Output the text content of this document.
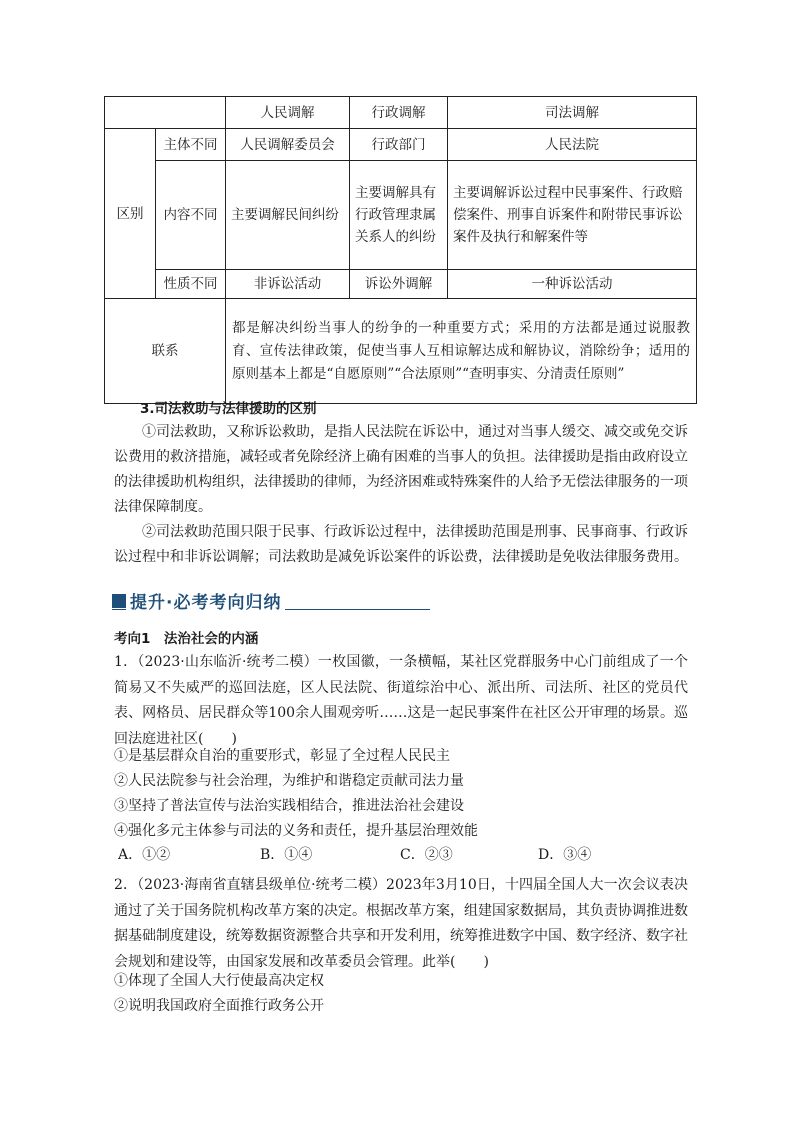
		人民调解	行政调解	司法调解
区别	主体不同	人民调解委员会	行政部门	人民法院
	内容不同	主要调解民间纠纷	主要调解具有行政管理隶属关系人的纠纷	主要调解诉讼过程中民事案件、行政赔偿案件、刑事自诉案件和附带民事诉讼案件及执行和解案件等
	性质不同	非诉讼活动	诉讼外调解	一种诉讼活动
联系		都是解决纠纷当事人的纷争的一种重要方式；采用的方法都是通过说服教育、宣传法律政策，促使当事人互相谅解达成和解协议，消除纷争；适用的原则基本上都是“自愿原则”“合法原则”“查明事实、分清责任原则”		
3.司法救助与法律援助的区别
①司法救助，又称诉讼救助，是指人民法院在诉讼中，通过对当事人缓交、减交或免交诉讼费用的救济措施，减轻或者免除经济上确有困难的当事人的负担。法律援助是指由政府设立的法律援助机构组织，法律援助的律师，为经济困难或特殊案件的人给予无偿法律服务的一项法律保障制度。
②司法救助范围只限于民事、行政诉讼过程中，法律援助范围是刑事、民事商事、行政诉讼过程中和非诉讼调解；司法救助是减免诉讼案件的诉讼费，法律援助是免收法律服务费用。
提升·必考考向归纳
考向1　法治社会的内涵
1．（2023·山东临沂·统考二模）一枚国徽，一条横幅，某社区党群服务中心门前组成了一个简易又不失威严的巡回法庭，区人民法院、街道综治中心、派出所、司法所、社区的党员代表、网格员、居民群众等100余人围观旁听……这是一起民事案件在社区公开审理的场景。巡回法庭进社区(　　)
①是基层群众自治的重要形式，彰显了全过程人民民主
②人民法院参与社会治理，为维护和谐稳定贡献司法力量
③坚持了普法宣传与法治实践相结合，推进法治社会建设
④强化多元主体参与司法的义务和责任，提升基层治理效能
A．①②	B．①④	C．②③	D．③④
2．（2023·海南省直辖县级单位·统考二模）2023年3月10日，十四届全国人大一次会议表决通过了关于国务院机构改革方案的决定。根据改革方案，组建国家数据局，其负责协调推进数据基础制度建设，统筹数据资源整合共享和开发利用，统筹推进数字中国、数字经济、数字社会规划和建设等，由国家发展和改革委员会管理。此举(　　)
①体现了全国人大行使最高决定权
②说明我国政府全面推行政务公开
